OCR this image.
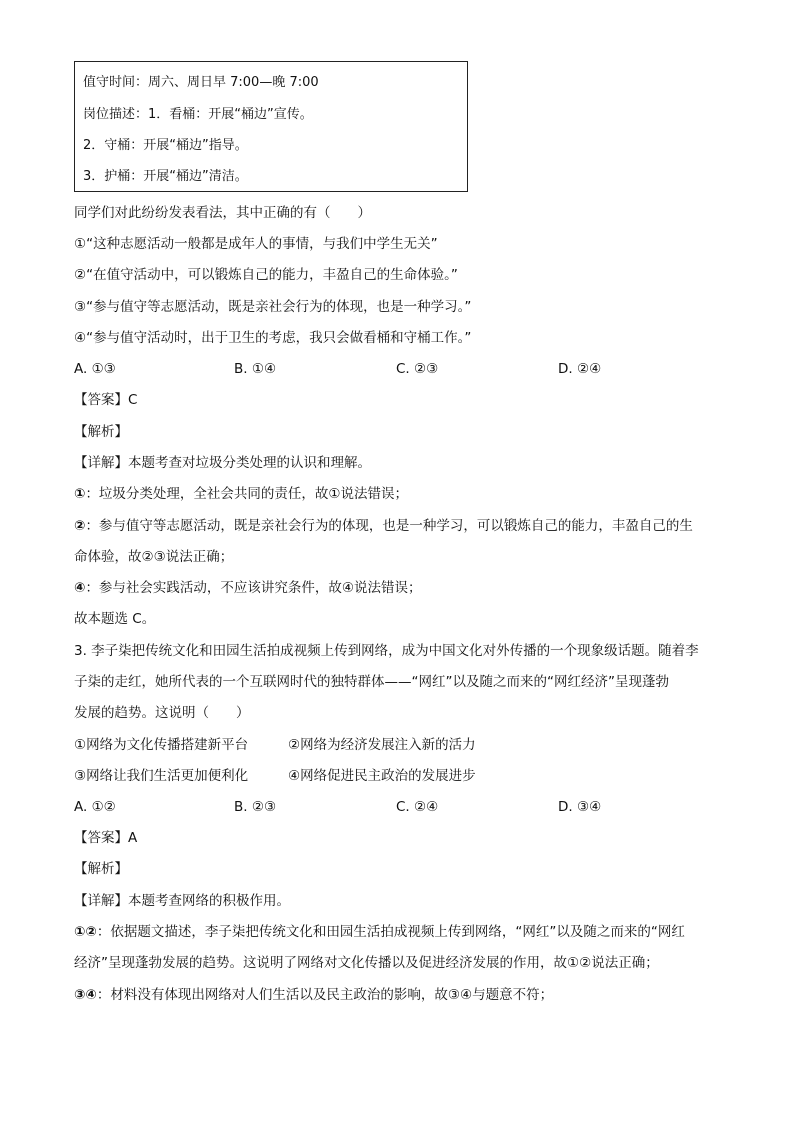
值守时间：周六、周日早 7:00—晚 7:00
岗位描述：1．看桶：开展“桶边”宣传。
2．守桶：开展“桶边”指导。
3．护桶：开展“桶边”清洁。
同学们对此纷纷发表看法，其中正确的有（　　）
①“这种志愿活动一般都是成年人的事情，与我们中学生无关”
②“在值守活动中，可以锻炼自己的能力，丰盈自己的生命体验。”
③“参与值守等志愿活动，既是亲社会行为的体现，也是一种学习。”
④“参与值守活动时，出于卫生的考虑，我只会做看桶和守桶工作。”
A. ①③	B. ①④	C. ②③	D. ②④
【答案】C
【解析】
【详解】本题考查对垃圾分类处理的认识和理解。
①：垃圾分类处理，全社会共同的责任，故①说法错误；
②：参与值守等志愿活动，既是亲社会行为的体现，也是一种学习，可以锻炼自己的能力，丰盈自己的生
命体验，故②③说法正确；
④：参与社会实践活动，不应该讲究条件，故④说法错误；
故本题选 C。
3. 李子柒把传统文化和田园生活拍成视频上传到网络，成为中国文化对外传播的一个现象级话题。随着李
子柒的走红，她所代表的一个互联网时代的独特群体——“网红”以及随之而来的“网红经济”呈现蓬勃
发展的趋势。这说明（　　）
①网络为文化传播搭建新平台	②网络为经济发展注入新的活力
③网络让我们生活更加便利化	④网络促进民主政治的发展进步
A. ①②	B. ②③	C. ②④	D. ③④
【答案】A
【解析】
【详解】本题考查网络的积极作用。
①②：依据题文描述，李子柒把传统文化和田园生活拍成视频上传到网络，“网红”以及随之而来的“网红
经济”呈现蓬勃发展的趋势。这说明了网络对文化传播以及促进经济发展的作用，故①②说法正确；
③④：材料没有体现出网络对人们生活以及民主政治的影响，故③④与题意不符；
